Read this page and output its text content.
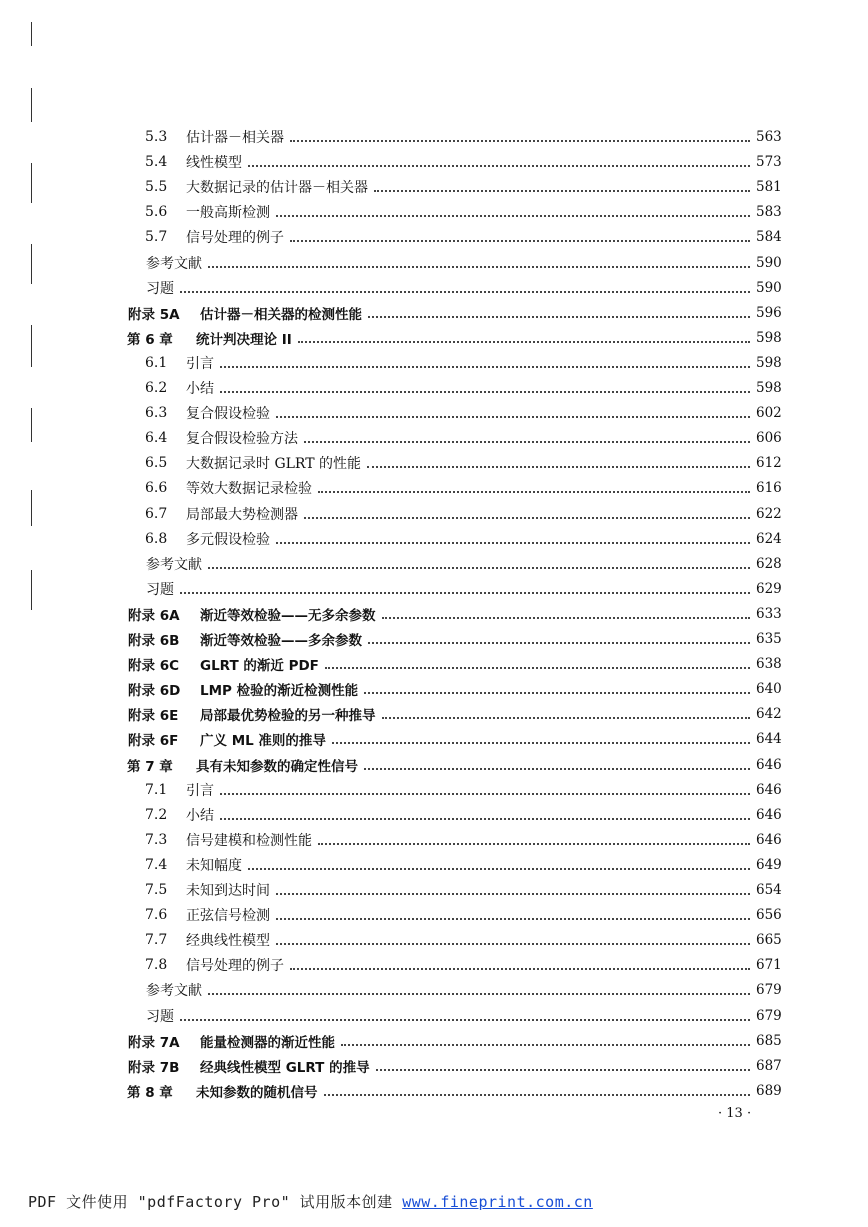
5.3 估计器－相关器	563
5.4 线性模型	573
5.5 大数据记录的估计器－相关器	581
5.6 一般高斯检测	583
5.7 信号处理的例子	584
参考文献	590
习题	590
附录 5A 估计器－相关器的检测性能	596
第 6 章 统计判决理论 II	598
6.1 引言	598
6.2 小结	598
6.3 复合假设检验	602
6.4 复合假设检验方法	606
6.5 大数据记录时 GLRT 的性能	612
6.6 等效大数据记录检验	616
6.7 局部最大势检测器	622
6.8 多元假设检验	624
参考文献	628
习题	629
附录 6A 渐近等效检验——无多余参数	633
附录 6B 渐近等效检验——多余参数	635
附录 6C GLRT 的渐近 PDF	638
附录 6D LMP 检验的渐近检测性能	640
附录 6E 局部最优势检验的另一种推导	642
附录 6F 广义 ML 准则的推导	644
第 7 章 具有未知参数的确定性信号	646
7.1 引言	646
7.2 小结	646
7.3 信号建模和检测性能	646
7.4 未知幅度	649
7.5 未知到达时间	654
7.6 正弦信号检测	656
7.7 经典线性模型	665
7.8 信号处理的例子	671
参考文献	679
习题	679
附录 7A 能量检测器的渐近性能	685
附录 7B 经典线性模型 GLRT 的推导	687
第 8 章 未知参数的随机信号	689
· 13 ·
PDF 文件使用 "pdfFactory Pro" 试用版本创建 www.fineprint.com.cn
